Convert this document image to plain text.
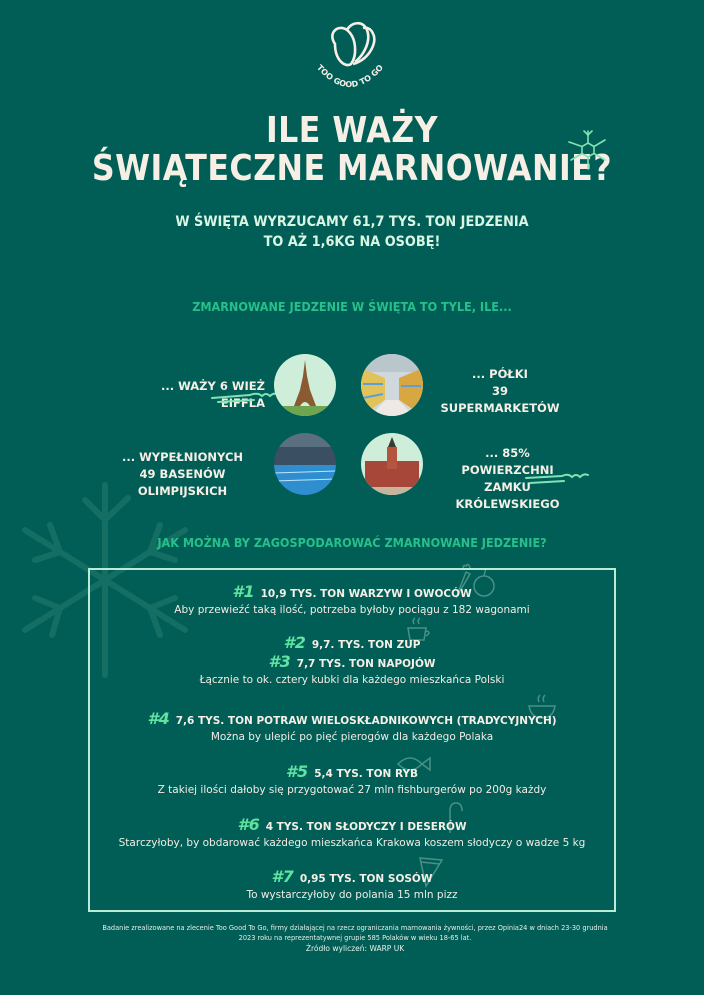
TOO GOOD TO GO
ILE WAŻY
ŚWIĄTECZNE MARNOWANIE?
W ŚWIĘTA WYRZUCAMY 61,7 TYS. TON JEDZENIA
TO AŻ 1,6KG NA OSOBĘ!
ZMARNOWANE JEDZENIE W ŚWIĘTA TO TYLE, ILE...
... WAŻY 6 WIEŻ EIFFLA
... PÓŁKI
39 SUPERMARKETÓW
... WYPEŁNIONYCH
49 BASENÓW OLIMPIJSKICH
... 85% POWIERZCHNI
ZAMKU KRÓLEWSKIEGO
JAK MOŻNA BY ZAGOSPODAROWAĆ ZMARNOWANE JEDZENIE?
#1 10,9 TYS. TON WARZYW I OWOCÓW
Aby przewieźć taką ilość, potrzeba byłoby pociągu z 182 wagonami
#2 9,7. TYS. TON ZUP
#3 7,7 TYS. TON NAPOJÓW
Łącznie to ok. cztery kubki dla każdego mieszkańca Polski
#4 7,6 TYS. TON POTRAW WIELOSKŁADNIKOWYCH (TRADYCYJNYCH)
Można by ulepić po pięć pierogów dla każdego Polaka
#5 5,4 TYS. TON RYB
Z takiej ilości dałoby się przygotować 27 mln fishburgerów po 200g każdy
#6 4 TYS. TON SŁODYCZY I DESERÓW
Starczyłoby, by obdarować każdego mieszkańca Krakowa koszem słodyczy o wadze 5 kg
#7 0,95 TYS. TON SOSÓW
To wystarczyłoby do polania 15 mln pizz
Badanie zrealizowane na zlecenie Too Good To Go, firmy działającej na rzecz ograniczania marnowania żywności, przez Opinia24 w dniach 23-30 grudnia
2023 roku na reprezentatywnej grupie 585 Polaków w wieku 18-65 lat.
Źródło wyliczeń: WARP UK
